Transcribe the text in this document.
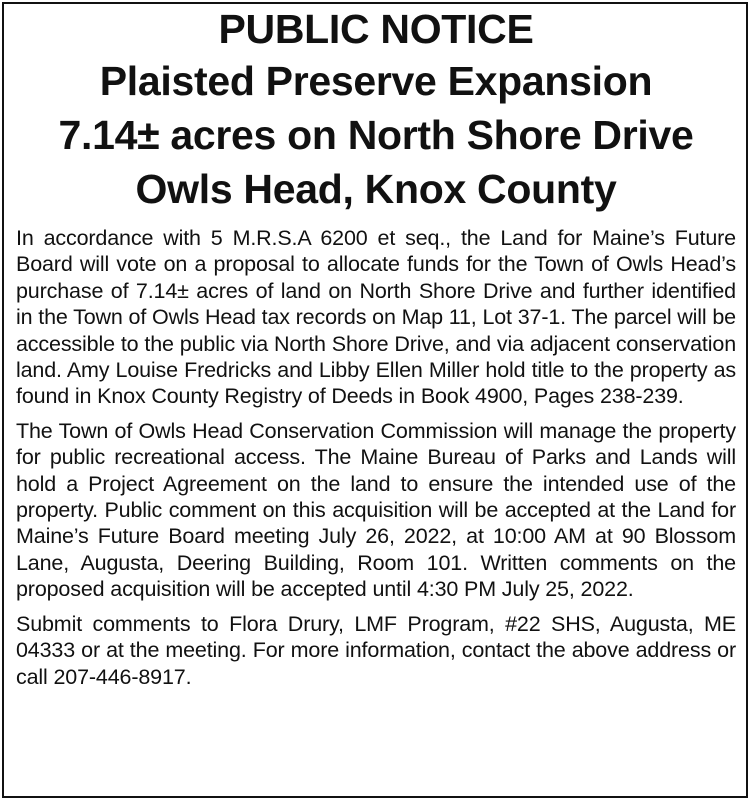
PUBLIC NOTICE
Plaisted Preserve Expansion
7.14± acres on North Shore Drive
Owls Head, Knox County

In accordance with 5 M.R.S.A 6200 et seq., the Land for Maine’s Future Board will vote on a proposal to allocate funds for the Town of Owls Head’s purchase of 7.14± acres of land on North Shore Drive and further identified in the Town of Owls Head tax records on Map 11, Lot 37-1. The parcel will be accessible to the public via North Shore Drive, and via adjacent conservation land. Amy Louise Fredricks and Libby Ellen Miller hold title to the property as found in Knox County Registry of Deeds in Book 4900, Pages 238-239.

The Town of Owls Head Conservation Commission will manage the property for public recreational access. The Maine Bureau of Parks and Lands will hold a Project Agreement on the land to ensure the intended use of the property. Public comment on this acquisition will be accepted at the Land for Maine’s Future Board meeting July 26, 2022, at 10:00 AM at 90 Blossom Lane, Augusta, Deering Building, Room 101. Written comments on the proposed acquisition will be accepted until 4:30 PM July 25, 2022.

Submit comments to Flora Drury, LMF Program, #22 SHS, Augusta, ME 04333 or at the meeting. For more information, contact the above address or call 207-446-8917.
